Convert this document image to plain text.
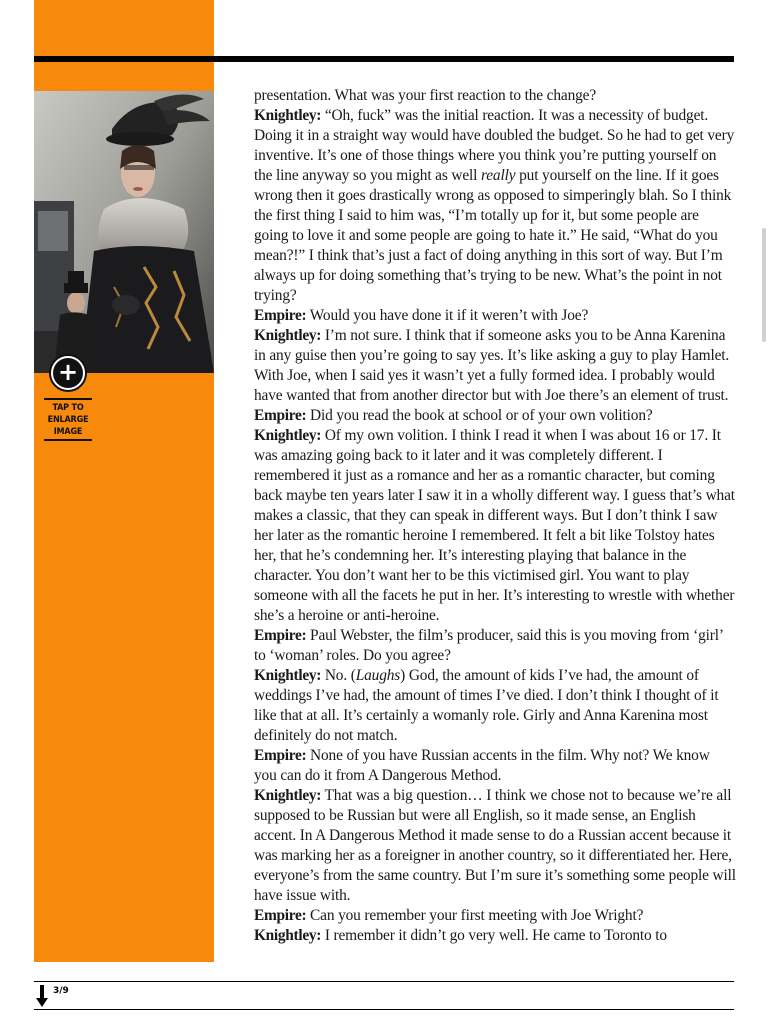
+
TAP TO
ENLARGE
IMAGE

presentation. What was your first reaction to the change?

Knightley: “Oh, fuck” was the initial reaction. It was a necessity of budget. Doing it in a straight way would have doubled the budget. So he had to get very inventive. It’s one of those things where you think you’re putting yourself on the line anyway so you might as well really put yourself on the line. If it goes wrong then it goes drastically wrong as opposed to simperingly blah. So I think the first thing I said to him was, “I’m totally up for it, but some people are going to love it and some people are going to hate it.” He said, “What do you mean?!” I think that’s just a fact of doing anything in this sort of way. But I’m always up for doing something that’s trying to be new. What’s the point in not trying?

Empire: Would you have done it if it weren’t with Joe?

Knightley: I’m not sure. I think that if someone asks you to be Anna Karenina in any guise then you’re going to say yes. It’s like asking a guy to play Hamlet. With Joe, when I said yes it wasn’t yet a fully formed idea. I probably would have wanted that from another director but with Joe there’s an element of trust.

Empire: Did you read the book at school or of your own volition?

Knightley: Of my own volition. I think I read it when I was about 16 or 17. It was amazing going back to it later and it was completely different. I remembered it just as a romance and her as a romantic character, but coming back maybe ten years later I saw it in a wholly different way. I guess that’s what makes a classic, that they can speak in different ways. But I don’t think I saw her later as the romantic heroine I remembered. It felt a bit like Tolstoy hates her, that he’s condemning her. It’s interesting playing that balance in the character. You don’t want her to be this victimised girl. You want to play someone with all the facets he put in her. It’s interesting to wrestle with whether she’s a heroine or anti-heroine.

Empire: Paul Webster, the film’s producer, said this is you moving from ‘girl’ to ‘woman’ roles. Do you agree?

Knightley: No. (Laughs) God, the amount of kids I’ve had, the amount of weddings I’ve had, the amount of times I’ve died. I don’t think I thought of it like that at all. It’s certainly a womanly role. Girly and Anna Karenina most definitely do not match.

Empire: None of you have Russian accents in the film. Why not? We know you can do it from A Dangerous Method.

Knightley: That was a big question… I think we chose not to because we’re all supposed to be Russian but were all English, so it made sense, an English accent. In A Dangerous Method it made sense to do a Russian accent because it was marking her as a foreigner in another country, so it differentiated her. Here, everyone’s from the same country. But I’m sure it’s something some people will have issue with.

Empire: Can you remember your first meeting with Joe Wright?

Knightley: I remember it didn’t go very well. He came to Toronto to

3/9
